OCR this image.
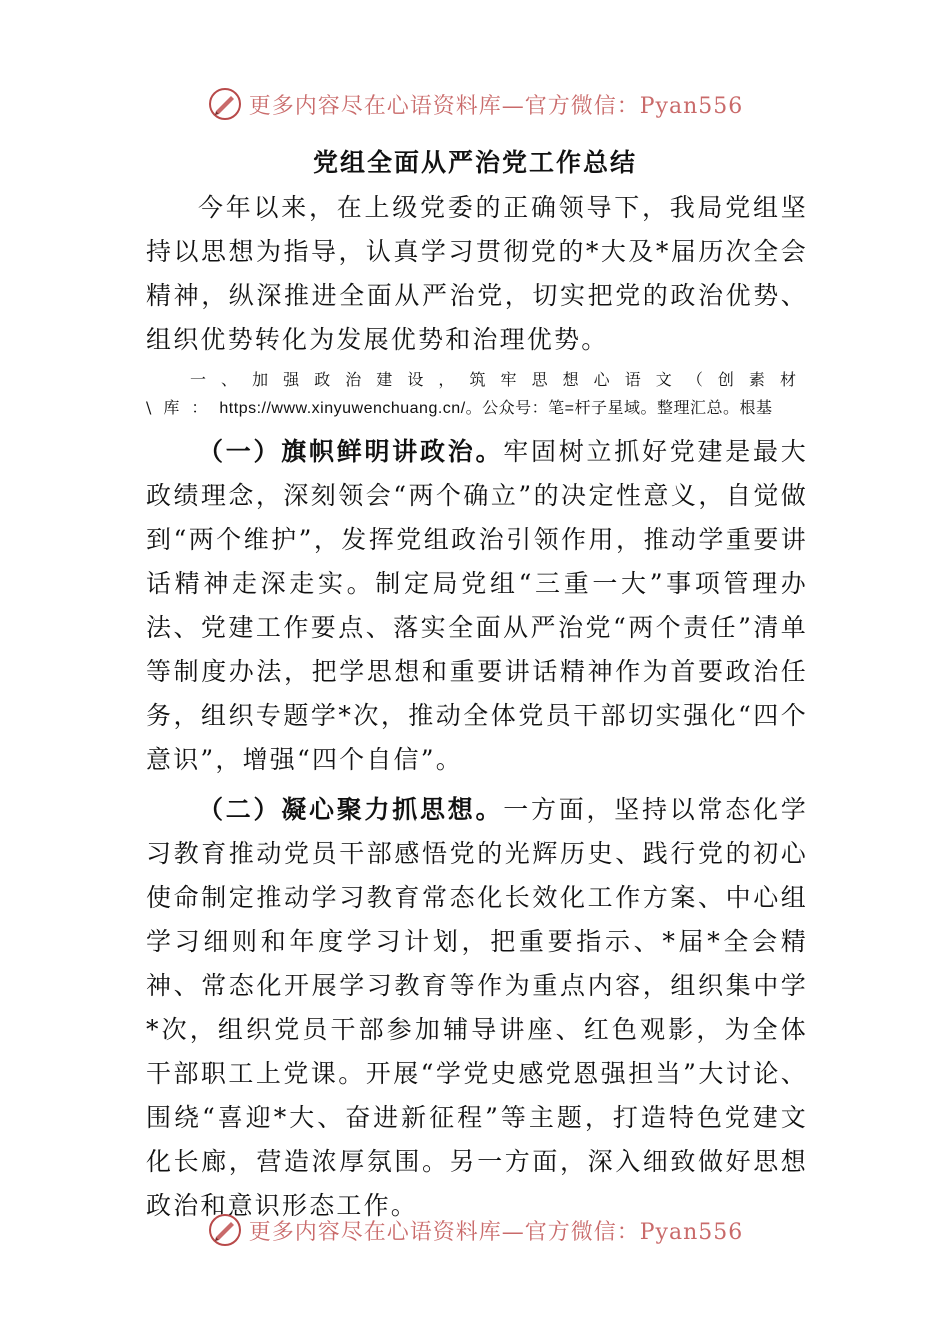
更多内容尽在心语资料库—官方微信：Pyan556
党组全面从严治党工作总结

今年以来，在上级党委的正确领导下，我局党组坚持以思想为指导，认真学习贯彻党的*大及*届历次全会精神，纵深推进全面从严治党，切实把党的政治优势、组织优势转化为发展优势和治理优势。

一、加强政治建设，筑牢思想心语文（创素材\库：https://www.xinyuwenchuang.cn/。公众号：笔=杆子星域。整理汇总。根基

（一）旗帜鲜明讲政治。牢固树立抓好党建是最大政绩理念，深刻领会“两个确立”的决定性意义，自觉做到“两个维护”，发挥党组政治引领作用，推动学重要讲话精神走深走实。制定局党组“三重一大”事项管理办法、党建工作要点、落实全面从严治党“两个责任”清单等制度办法，把学思想和重要讲话精神作为首要政治任务，组织专题学*次，推动全体党员干部切实强化“四个意识”，增强“四个自信”。

（二）凝心聚力抓思想。一方面，坚持以常态化学习教育推动党员干部感悟党的光辉历史、践行党的初心使命制定推动学习教育常态化长效化工作方案、中心组学习细则和年度学习计划，把重要指示、*届*全会精神、常态化开展学习教育等作为重点内容，组织集中学*次，组织党员干部参加辅导讲座、红色观影，为全体干部职工上党课。开展“学党史感党恩强担当”大讨论、围绕“喜迎*大、奋进新征程”等主题，打造特色党建文化长廊，营造浓厚氛围。另一方面，深入细致做好思想政治和意识形态工作。

更多内容尽在心语资料库—官方微信：Pyan556
